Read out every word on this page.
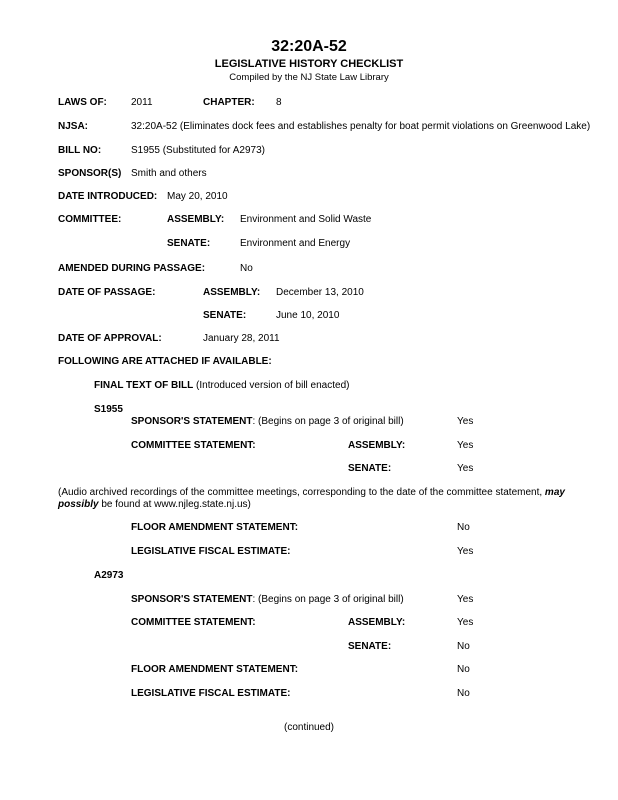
32:20A-52
LEGISLATIVE HISTORY CHECKLIST
Compiled by the NJ State Law Library
LAWS OF: 2011	CHAPTER: 8
NJSA:	32:20A-52 (Eliminates dock fees and establishes penalty for boat permit violations on Greenwood Lake)
BILL NO:	S1955 (Substituted for A2973)
SPONSOR(S) Smith and others
DATE INTRODUCED: May 20, 2010
COMMITTEE:	ASSEMBLY: Environment and Solid Waste
SENATE:	Environment and Energy
AMENDED DURING PASSAGE:	No
DATE OF PASSAGE:	ASSEMBLY: December 13, 2010
SENATE:	June 10, 2010
DATE OF APPROVAL:	January 28, 2011
FOLLOWING ARE ATTACHED IF AVAILABLE:
FINAL TEXT OF BILL (Introduced version of bill enacted)
S1955
SPONSOR'S STATEMENT: (Begins on page 3 of original bill)	Yes
COMMITTEE STATEMENT:	ASSEMBLY:	Yes
SENATE:	Yes
(Audio archived recordings of the committee meetings, corresponding to the date of the committee statement, may possibly be found at www.njleg.state.nj.us)
FLOOR AMENDMENT STATEMENT:	No
LEGISLATIVE FISCAL ESTIMATE:	Yes
A2973
SPONSOR'S STATEMENT: (Begins on page 3 of original bill)	Yes
COMMITTEE STATEMENT:	ASSEMBLY:	Yes
SENATE:	No
FLOOR AMENDMENT STATEMENT:	No
LEGISLATIVE FISCAL ESTIMATE:	No
(continued)
